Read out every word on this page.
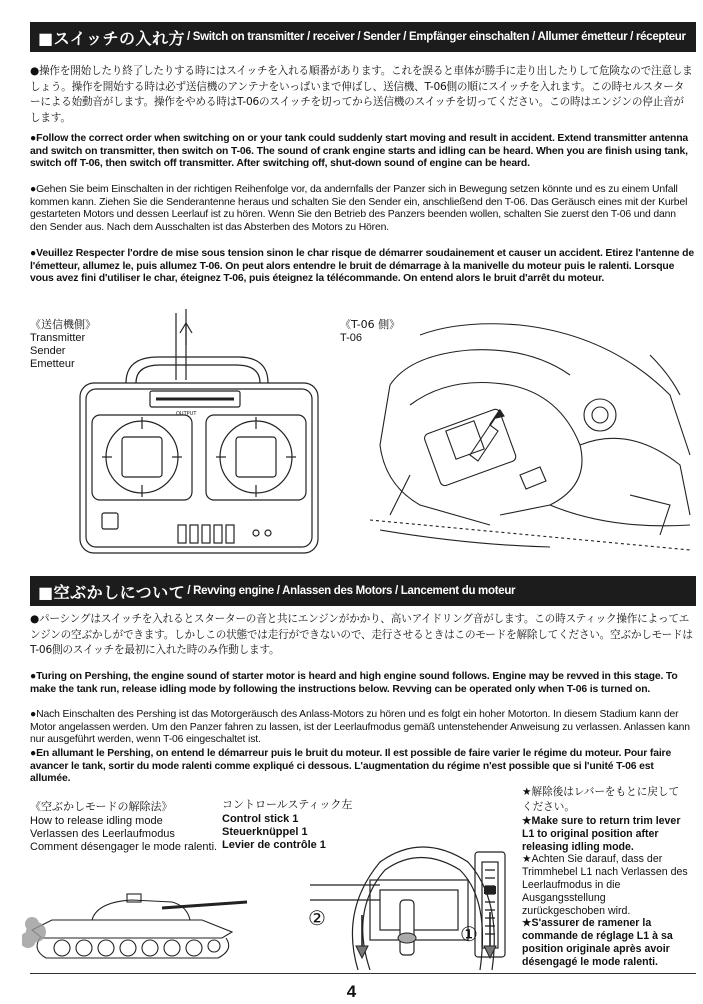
■スイッチの入れ方 / Switch on transmitter / receiver / Sender / Empfänger einschalten / Allumer émetteur / récepteur

●操作を開始したり終了したりする時にはスイッチを入れる順番があります。これを誤ると車体が勝手に走り出したりして危険なので注意しましょう。操作を開始する時は必ず送信機のアンテナをいっぱいまで伸ばし、送信機、T-06側の順にスイッチを入れます。この時セルスターターによる始動音がします。操作をやめる時はT-06のスイッチを切ってから送信機のスイッチを切ってください。この時はエンジンの停止音がします。

●Follow the correct order when switching on or your tank could suddenly start moving and result in accident. Extend transmitter antenna and switch on transmitter, then switch on T-06. The sound of crank engine starts and idling can be heard. When you are finish using tank, switch off T-06, then switch off transmitter. After switching off, shut-down sound of engine can be heard.

●Gehen Sie beim Einschalten in der richtigen Reihenfolge vor, da andernfalls der Panzer sich in Bewegung setzen könnte und es zu einem Unfall kommen kann. Ziehen Sie die Senderantenne heraus und schalten Sie den Sender ein, anschließend den T-06. Das Geräusch eines mit der Kurbel gestarteten Motors und dessen Leerlauf ist zu hören. Wenn Sie den Betrieb des Panzers beenden wollen, schalten Sie zuerst den T-06 und dann den Sender aus. Nach dem Ausschalten ist das Absterben des Motors zu Hören.

●Veuillez Respecter l'ordre de mise sous tension sinon le char risque de démarrer soudainement et causer un accident. Etirez l'antenne de l'émetteur, allumez le, puis allumez T-06. On peut alors entendre le bruit de démarrage à la manivelle du moteur puis le ralenti. Lorsque vous avez fini d'utiliser le char, éteignez T-06, puis éteignez la télécommande. On entend alors le bruit d'arrêt du moteur.

《送信機側》
Transmitter
Sender
Emetteur
OUTPUT
《T-06 側》
T-06
■空ぶかしについて / Revving engine / Anlassen des Motors / Lancement du moteur

●パーシングはスイッチを入れるとスターターの音と共にエンジンがかかり、高いアイドリング音がします。この時スティック操作によってエンジンの空ぶかしができます。しかしこの状態では走行ができないので、走行させるときはこのモードを解除してください。空ぶかしモードはT-06側のスイッチを最初に入れた時のみ作動します。

●Turing on Pershing, the engine sound of starter motor is heard and high engine sound follows. Engine may be revved in this stage. To make the tank run, release idling mode by following the instructions below. Revving can be operated only when T-06 is turned on.

●Nach Einschalten des Pershing ist das Motorgeräusch des Anlass-Motors zu hören und es folgt ein hoher Motorton. In diesem Stadium kann der Motor angelassen werden. Um den Panzer fahren zu lassen, ist der Leerlaufmodus gemäß untenstehender Anweisung zu verlassen. Anlassen kann nur ausgeführt werden, wenn T-06 eingeschaltet ist.

●En allumant le Pershing, on entend le démarreur puis le bruit du moteur. Il est possible de faire varier le régime du moteur. Pour faire avancer le tank, sortir du mode ralenti comme expliqué ci dessous. L'augmentation du régime n'est possible que si l'unité T-06 est allumée.

《空ぶかしモードの解除法》
How to release idling mode
Verlassen des Leerlaufmodus
Comment désengager le mode ralenti.
コントロールスティック左
Control stick 1
Steuerknüppel 1
Levier de contrôle 1
②
①

★解除後はレバーをもとに戻してください。

★Make sure to return trim lever L1 to original position after releasing idling mode.

★Achten Sie darauf, dass der Trimmhebel L1 nach Verlassen des Leerlaufmodus in die Ausgangsstellung zurückgeschoben wird.

★S'assurer de ramener la commande de réglage L1 à sa position originale après avoir désengagé le mode ralenti.

4
